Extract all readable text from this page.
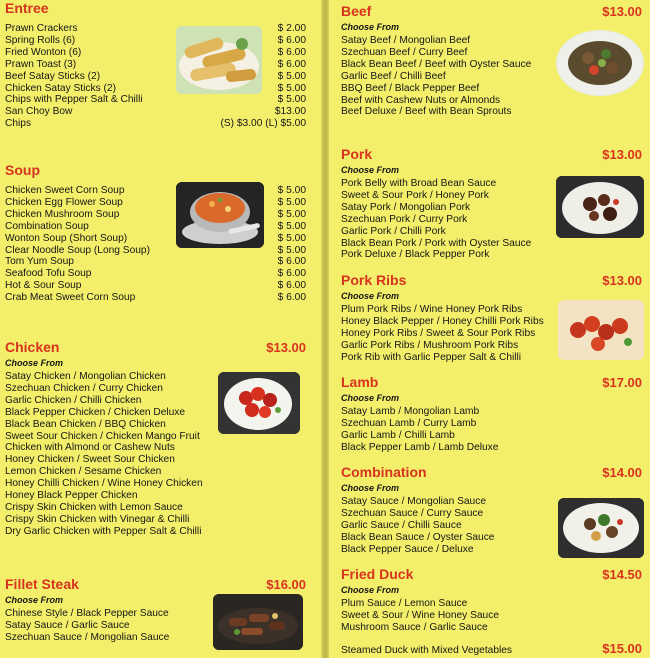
Entree
Prawn Crackers	$ 2.00
Spring Rolls (6)	$ 6.00
Fried Wonton (6)	$ 6.00
Prawn Toast (3)	$ 6.00
Beef Satay Sticks (2)	$ 5.00
Chicken Satay Sticks (2)	$ 5.00
Chips with Pepper Salt & Chilli	$ 5.00
San Choy Bow	$13.00
Chips	(S) $3.00 (L) $5.00
Soup
Chicken Sweet Corn Soup	$ 5.00
Chicken Egg Flower Soup	$ 5.00
Chicken Mushroom Soup	$ 5.00
Combination Soup	$ 5.00
Wonton Soup (Short Soup)	$ 5.00
Clear Noodle Soup (Long Soup)	$ 5.00
Tom Yum Soup	$ 6.00
Seafood Tofu Soup	$ 6.00
Hot & Sour Soup	$ 6.00
Crab Meat Sweet Corn Soup	$ 6.00
Chicken	$13.00
Choose From
Satay Chicken / Mongolian Chicken
Szechuan Chicken / Curry Chicken
Garlic Chicken / Chilli Chicken
Black Pepper Chicken / Chicken Deluxe
Black Bean Chicken / BBQ Chicken
Sweet Sour Chicken / Chicken Mango Fruit
Chicken with Almond or Cashew Nuts
Honey Chicken / Sweet Sour Chicken
Lemon Chicken / Sesame Chicken
Honey Chilli Chicken / Wine Honey Chicken
Honey Black Pepper Chicken
Crispy Skin Chicken with Lemon Sauce
Crispy Skin Chicken with Vinegar & Chilli
Dry Garlic Chicken with Pepper Salt & Chilli
Fillet Steak	$16.00
Choose From
Chinese Style / Black Pepper Sauce
Satay Sauce / Garlic Sauce
Szechuan Sauce / Mongolian Sauce
Beef	$13.00
Choose From
Satay Beef / Mongolian Beef
Szechuan Beef / Curry Beef
Black Bean Beef / Beef with Oyster Sauce
Garlic Beef / Chilli Beef
BBQ Beef / Black Pepper Beef
Beef with Cashew Nuts or Almonds
Beef Deluxe / Beef with Bean Sprouts
Pork	$13.00
Choose From
Pork Belly with Broad Bean Sauce
Sweet & Sour Pork / Honey Pork
Satay Pork / Mongolian Pork
Szechuan Pork / Curry Pork
Garlic Pork / Chilli Pork
Black Bean Pork / Pork with Oyster Sauce
Pork Deluxe / Black Pepper Pork
Pork Ribs	$13.00
Choose From
Plum Pork Ribs / Wine Honey Pork Ribs
Honey Black Pepper / Honey Chilli Pork Ribs
Honey Pork Ribs / Sweet & Sour Pork Ribs
Garlic Pork Ribs / Mushroom Pork Ribs
Pork Rib with Garlic Pepper Salt & Chilli
Lamb	$17.00
Choose From
Satay Lamb / Mongolian Lamb
Szechuan Lamb / Curry Lamb
Garlic Lamb / Chilli Lamb
Black Pepper Lamb / Lamb Deluxe
Combination	$14.00
Choose From
Satay Sauce / Mongolian Sauce
Szechuan Sauce / Curry Sauce
Garlic Sauce / Chilli Sauce
Black Bean Sauce / Oyster Sauce
Black Pepper Sauce / Deluxe
Fried Duck	$14.50
Choose From
Plum Sauce / Lemon Sauce
Sweet & Sour / Wine Honey Sauce
Mushroom Sauce / Garlic Sauce
Steamed Duck with Mixed Vegetables	$15.00
